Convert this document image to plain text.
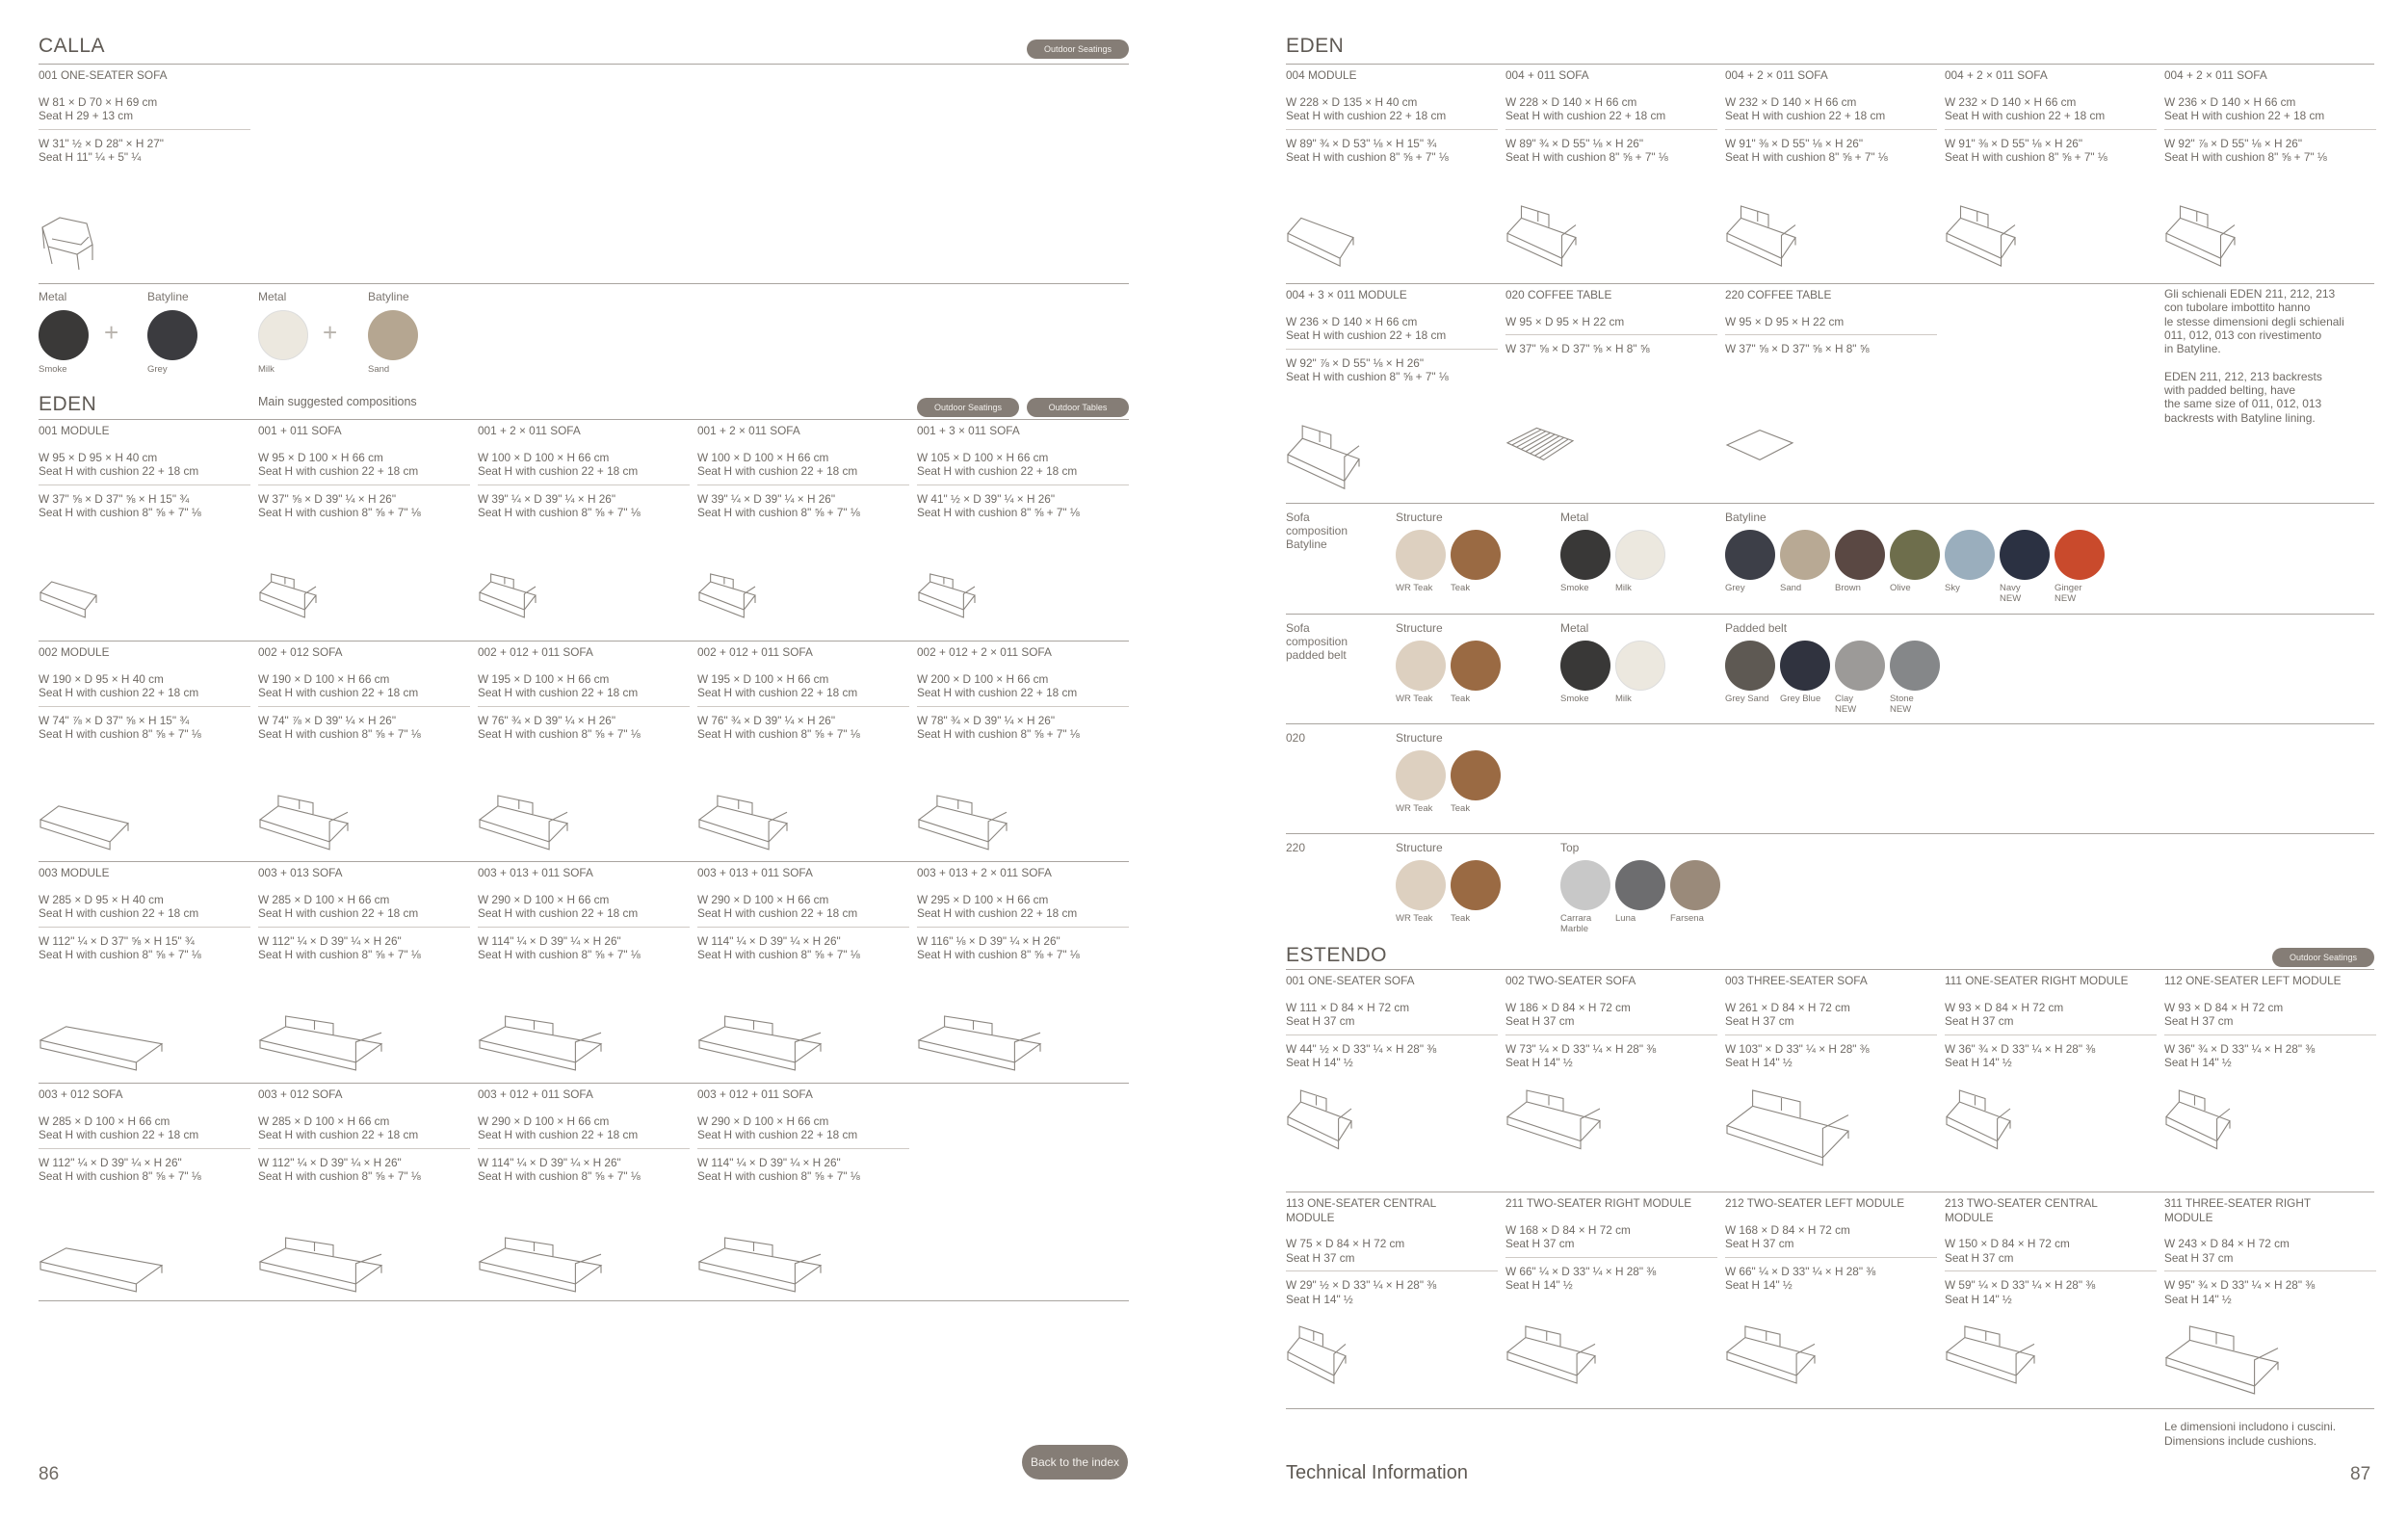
CALLA	Outdoor Seatings
001 ONE-SEATER SOFA
W 81 × D 70 × H 69 cm
Seat H 29 + 13 cm
W 31" ½ × D 28" × H 27"
Seat H 11" ¼ + 5" ¼
Metal
Smoke
Batyline
Grey
Metal
Milk
Batyline
Sand
+	+
EDEN	Main suggested compositions	Outdoor Seatings	Outdoor Tables
001 MODULE
W 95 × D 95 × H 40 cm
Seat H with cushion 22 + 18 cm
W 37" ⅝ × D 37" ⅝ × H 15" ¾
Seat H with cushion 8" ⅝ + 7" ⅛
001 + 011 SOFA
W 95 × D 100 × H 66 cm
Seat H with cushion 22 + 18 cm
W 37" ⅝ × D 39" ¼ × H 26"
Seat H with cushion 8" ⅝ + 7" ⅛
001 + 2 × 011 SOFA
W 100 × D 100 × H 66 cm
Seat H with cushion 22 + 18 cm
W 39" ¼ × D 39" ¼ × H 26"
Seat H with cushion 8" ⅝ + 7" ⅛
001 + 2 × 011 SOFA
W 100 × D 100 × H 66 cm
Seat H with cushion 22 + 18 cm
W 39" ¼ × D 39" ¼ × H 26"
Seat H with cushion 8" ⅝ + 7" ⅛
001 + 3 × 011 SOFA
W 105 × D 100 × H 66 cm
Seat H with cushion 22 + 18 cm
W 41" ½ × D 39" ¼ × H 26"
Seat H with cushion 8" ⅝ + 7" ⅛
002 MODULE
W 190 × D 95 × H 40 cm
Seat H with cushion 22 + 18 cm
W 74" ⅞ × D 37" ⅝ × H 15" ¾
Seat H with cushion 8" ⅝ + 7" ⅛
002 + 012 SOFA
W 190 × D 100 × H 66 cm
Seat H with cushion 22 + 18 cm
W 74" ⅞ × D 39" ¼ × H 26"
Seat H with cushion 8" ⅝ + 7" ⅛
002 + 012 + 011 SOFA
W 195 × D 100 × H 66 cm
Seat H with cushion 22 + 18 cm
W 76" ¾ × D 39" ¼ × H 26"
Seat H with cushion 8" ⅝ + 7" ⅛
002 + 012 + 011 SOFA
W 195 × D 100 × H 66 cm
Seat H with cushion 22 + 18 cm
W 76" ¾ × D 39" ¼ × H 26"
Seat H with cushion 8" ⅝ + 7" ⅛
002 + 012 + 2 × 011 SOFA
W 200 × D 100 × H 66 cm
Seat H with cushion 22 + 18 cm
W 78" ¾ × D 39" ¼ × H 26"
Seat H with cushion 8" ⅝ + 7" ⅛
003 MODULE
W 285 × D 95 × H 40 cm
Seat H with cushion 22 + 18 cm
W 112" ¼ × D 37" ⅝ × H 15" ¾
Seat H with cushion 8" ⅝ + 7" ⅛
003 + 013 SOFA
W 285 × D 100 × H 66 cm
Seat H with cushion 22 + 18 cm
W 112" ¼ × D 39" ¼ × H 26"
Seat H with cushion 8" ⅝ + 7" ⅛
003 + 013 + 011 SOFA
W 290 × D 100 × H 66 cm
Seat H with cushion 22 + 18 cm
W 114" ¼ × D 39" ¼ × H 26"
Seat H with cushion 8" ⅝ + 7" ⅛
003 + 013 + 011 SOFA
W 290 × D 100 × H 66 cm
Seat H with cushion 22 + 18 cm
W 114" ¼ × D 39" ¼ × H 26"
Seat H with cushion 8" ⅝ + 7" ⅛
003 + 013 + 2 × 011 SOFA
W 295 × D 100 × H 66 cm
Seat H with cushion 22 + 18 cm
W 116" ⅛ × D 39" ¼ × H 26"
Seat H with cushion 8" ⅝ + 7" ⅛
003 + 012 SOFA
W 285 × D 100 × H 66 cm
Seat H with cushion 22 + 18 cm
W 112" ¼ × D 39" ¼ × H 26"
Seat H with cushion 8" ⅝ + 7" ⅛
003 + 012 SOFA
W 285 × D 100 × H 66 cm
Seat H with cushion 22 + 18 cm
W 112" ¼ × D 39" ¼ × H 26"
Seat H with cushion 8" ⅝ + 7" ⅛
003 + 012 + 011 SOFA
W 290 × D 100 × H 66 cm
Seat H with cushion 22 + 18 cm
W 114" ¼ × D 39" ¼ × H 26"
Seat H with cushion 8" ⅝ + 7" ⅛
003 + 012 + 011 SOFA
W 290 × D 100 × H 66 cm
Seat H with cushion 22 + 18 cm
W 114" ¼ × D 39" ¼ × H 26"
Seat H with cushion 8" ⅝ + 7" ⅛
86
Back to the index
EDEN
004 MODULE
W 228 × D 135 × H 40 cm
Seat H with cushion 22 + 18 cm
W 89" ¾ × D 53" ⅛ × H 15" ¾
Seat H with cushion 8" ⅝ + 7" ⅛
004 + 011 SOFA
W 228 × D 140 × H 66 cm
Seat H with cushion 22 + 18 cm
W 89" ¾ × D 55" ⅛ × H 26"
Seat H with cushion 8" ⅝ + 7" ⅛
004 + 2 × 011 SOFA
W 232 × D 140 × H 66 cm
Seat H with cushion 22 + 18 cm
W 91" ⅜ × D 55" ⅛ × H 26"
Seat H with cushion 8" ⅝ + 7" ⅛
004 + 2 × 011 SOFA
W 232 × D 140 × H 66 cm
Seat H with cushion 22 + 18 cm
W 91" ⅜ × D 55" ⅛ × H 26"
Seat H with cushion 8" ⅝ + 7" ⅛
004 + 2 × 011 SOFA
W 236 × D 140 × H 66 cm
Seat H with cushion 22 + 18 cm
W 92" ⅞ × D 55" ⅛ × H 26"
Seat H with cushion 8" ⅝ + 7" ⅛
004 + 3 × 011 MODULE
W 236 × D 140 × H 66 cm
Seat H with cushion 22 + 18 cm
W 92" ⅞ × D 55" ⅛ × H 26"
Seat H with cushion 8" ⅝ + 7" ⅛
020 COFFEE TABLE
W 95 × D 95 × H 22 cm
W 37" ⅝ × D 37" ⅝ × H 8" ⅝
220 COFFEE TABLE
W 95 × D 95 × H 22 cm
W 37" ⅝ × D 37" ⅝ × H 8" ⅝
Gli schienali EDEN 211, 212, 213
con tubolare imbottito hanno
le stesse dimensioni degli schienali
011, 012, 013 con rivestimento
in Batyline.

EDEN 211, 212, 213 backrests
with padded belting, have
the same size of 011, 012, 013
backrests with Batyline lining.
Sofa
composition
Batyline
Structure
WR Teak Teak
Metal
Smoke	Milk
Batyline
Grey	Sand	Brown	Olive	Sky	Navy
NEW
Ginger
NEW
Sofa
composition
padded belt
Structure
WR Teak Teak
Metal
Smoke	Milk
Padded belt
Grey Sand Grey Blue Clay
NEW
Stone
NEW
020	Structure
WR Teak Teak
220	Structure
WR Teak Teak
Top
Carrara
Marble
Luna	Farsena
ESTENDO	Outdoor Seatings
001 ONE-SEATER SOFA
W 111 × D 84 × H 72 cm
Seat H 37 cm
W 44" ½ × D 33" ¼ × H 28" ⅜
Seat H 14" ½
002 TWO-SEATER SOFA
W 186 × D 84 × H 72 cm
Seat H 37 cm
W 73" ¼ × D 33" ¼ × H 28" ⅜
Seat H 14" ½
003 THREE-SEATER SOFA
W 261 × D 84 × H 72 cm
Seat H 37 cm
W 103" × D 33" ¼ × H 28" ⅜
Seat H 14" ½
111 ONE-SEATER RIGHT MODULE
W 93 × D 84 × H 72 cm
Seat H 37 cm
W 36" ¾ × D 33" ¼ × H 28" ⅜
Seat H 14" ½
112 ONE-SEATER LEFT MODULE
W 93 × D 84 × H 72 cm
Seat H 37 cm
W 36" ¾ × D 33" ¼ × H 28" ⅜
Seat H 14" ½
113 ONE-SEATER CENTRAL
MODULE
W 75 × D 84 × H 72 cm
Seat H 37 cm
W 29" ½ × D 33" ¼ × H 28" ⅜
Seat H 14" ½
211 TWO-SEATER RIGHT MODULE
W 168 × D 84 × H 72 cm
Seat H 37 cm
W 66" ¼ × D 33" ¼ × H 28" ⅜
Seat H 14" ½
212 TWO-SEATER LEFT MODULE
W 168 × D 84 × H 72 cm
Seat H 37 cm
W 66" ¼ × D 33" ¼ × H 28" ⅜
Seat H 14" ½
213 TWO-SEATER CENTRAL
MODULE
W 150 × D 84 × H 72 cm
Seat H 37 cm
W 59" ¼ × D 33" ¼ × H 28" ⅜
Seat H 14" ½
311 THREE-SEATER RIGHT
MODULE
W 243 × D 84 × H 72 cm
Seat H 37 cm
W 95" ¾ × D 33" ¼ × H 28" ⅜
Seat H 14" ½
Le dimensioni includono i cuscini.
Dimensions include cushions.
Technical Information	87
